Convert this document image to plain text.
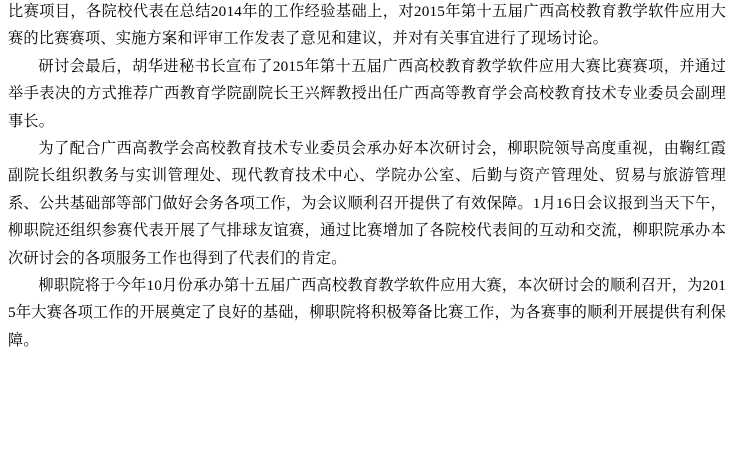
比赛项目，各院校代表在总结2014年的工作经验基础上，对2015年第十五届广西高校教育教学软件应用大赛的比赛赛项、实施方案和评审工作发表了意见和建议，并对有关事宜进行了现场讨论。

研讨会最后，胡华进秘书长宣布了2015年第十五届广西高校教育教学软件应用大赛比赛赛项，并通过举手表决的方式推荐广西教育学院副院长王兴辉教授出任广西高等教育学会高校教育技术专业委员会副理事长。

为了配合广西高教学会高校教育技术专业委员会承办好本次研讨会，柳职院领导高度重视，由鞠红霞副院长组织教务与实训管理处、现代教育技术中心、学院办公室、后勤与资产管理处、贸易与旅游管理系、公共基础部等部门做好会务各项工作，为会议顺利召开提供了有效保障。1月16日会议报到当天下午，柳职院还组织参赛代表开展了气排球友谊赛，通过比赛增加了各院校代表间的互动和交流，柳职院承办本次研讨会的各项服务工作也得到了代表们的肯定。

柳职院将于今年10月份承办第十五届广西高校教育教学软件应用大赛，本次研讨会的顺利召开，为2015年大赛各项工作的开展奠定了良好的基础，柳职院将积极筹备比赛工作，为各赛事的顺利开展提供有利保障。
